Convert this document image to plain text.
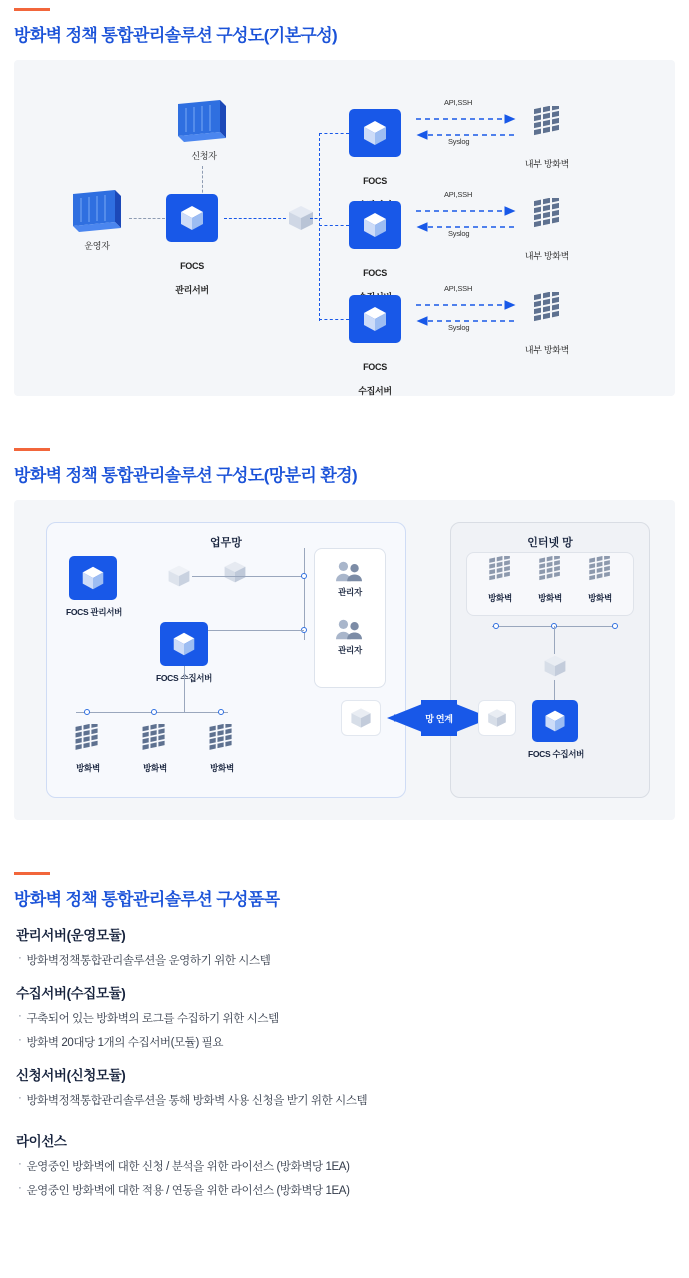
방화벽 정책 통합관리솔루션 구성도(기본구성)
신청자
운영자

FOCS

관리서버

FOCS

FOCS

FOCS

수집서버

API,SSH
Syslog
API,SSH
Syslog
API,SSH
Syslog
내부 방화벽
내부 방화벽
내부 방화벽
방화벽 정책 통합관리솔루션 구성도(망분리 환경)
업무망	인터넷 망
FOCS 관리서버
FOCS 수집서버
관리자
관리자
방화벽	방화벽	방화벽
망 연계
방화벽	방화벽	방화벽
FOCS 수집서버
방화벽 정책 통합관리솔루션 구성품목
관리서버(운영모듈)
· 방화벽정책통합관리솔루션을 운영하기 위한 시스템
수집서버(수집모듈)
· 구축되어 있는 방화벽의 로그를 수집하기 위한 시스템
· 방화벽 20대당 1개의 수집서버(모듈) 필요
신청서버(신청모듈)
· 방화벽정책통합관리솔루션을 통해 방화벽 사용 신청을 받기 위한 시스템
라이선스
· 운영중인 방화벽에 대한 신청 / 분석을 위한 라이선스 (방화벽당 1EA)
· 운영중인 방화벽에 대한 적용 / 연동을 위한 라이선스 (방화벽당 1EA)
